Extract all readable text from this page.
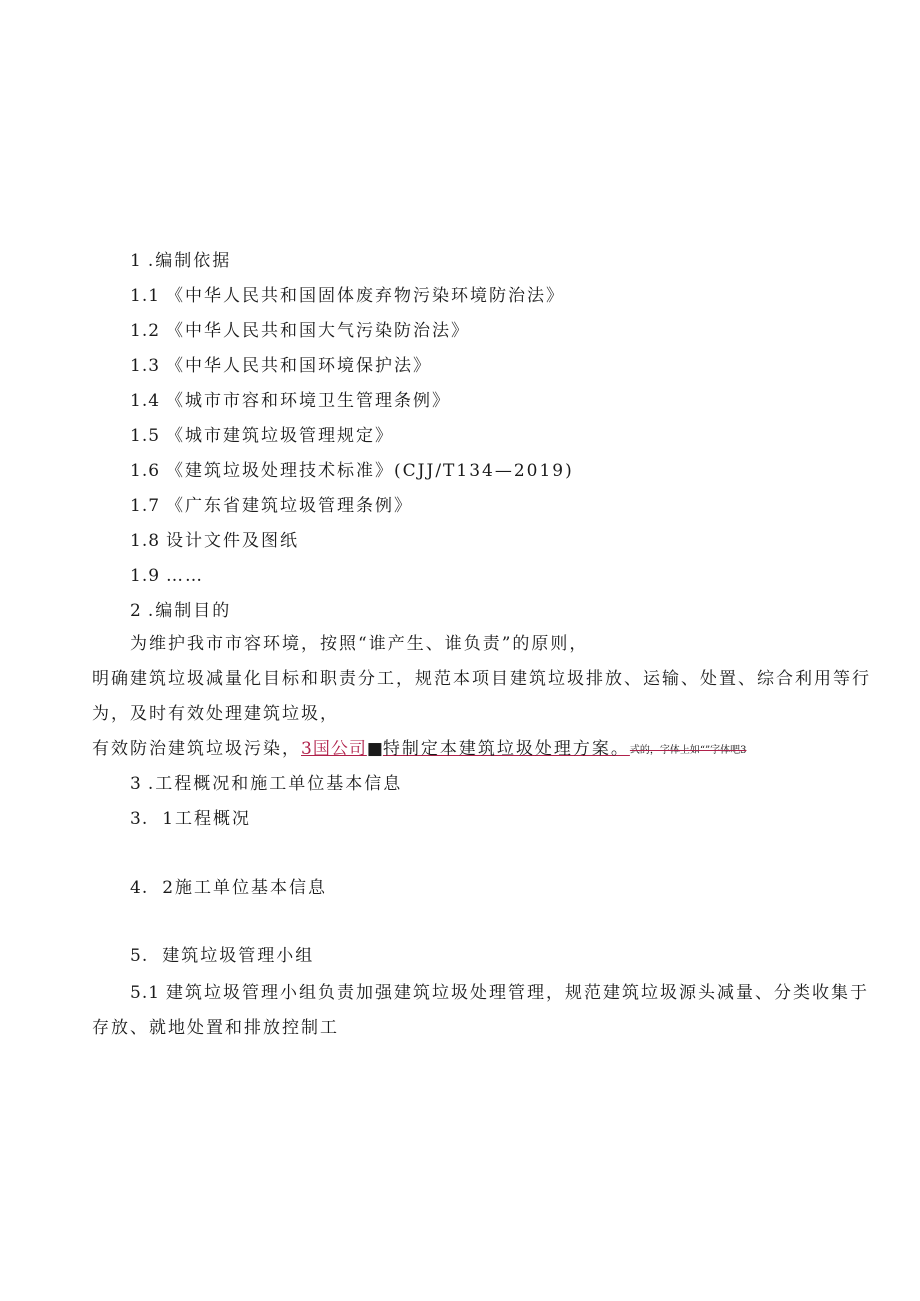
1 .编制依据
1.1 《中华人民共和国固体废弃物污染环境防治法》
1.2 《中华人民共和国大气污染防治法》
1.3 《中华人民共和国环境保护法》
1.4 《城市市容和环境卫生管理条例》
1.5 《城市建筑垃圾管理规定》
1.6 《建筑垃圾处理技术标准》(CJJ/T134—2019)
1.7 《广东省建筑垃圾管理条例》
1.8 设计文件及图纸
1.9 ……
2 .编制目的
为维护我市市容环境，按照“谁产生、谁负责”的原则，
明确建筑垃圾减量化目标和职责分工，规范本项目建筑垃圾排放、运输、处置、综合利用等行
为，及时有效处理建筑垃圾，
有效防治建筑垃圾污染，3国公司■特制定本建筑垃圾处理方案。式的，字体上如“”字体吧3
3 .工程概况和施工单位基本信息
3. 1工程概况
4. 2施工单位基本信息
5. 建筑垃圾管理小组
5.1 建筑垃圾管理小组负责加强建筑垃圾处理管理，规范建筑垃圾源头减量、分类收集于
存放、就地处置和排放控制工
